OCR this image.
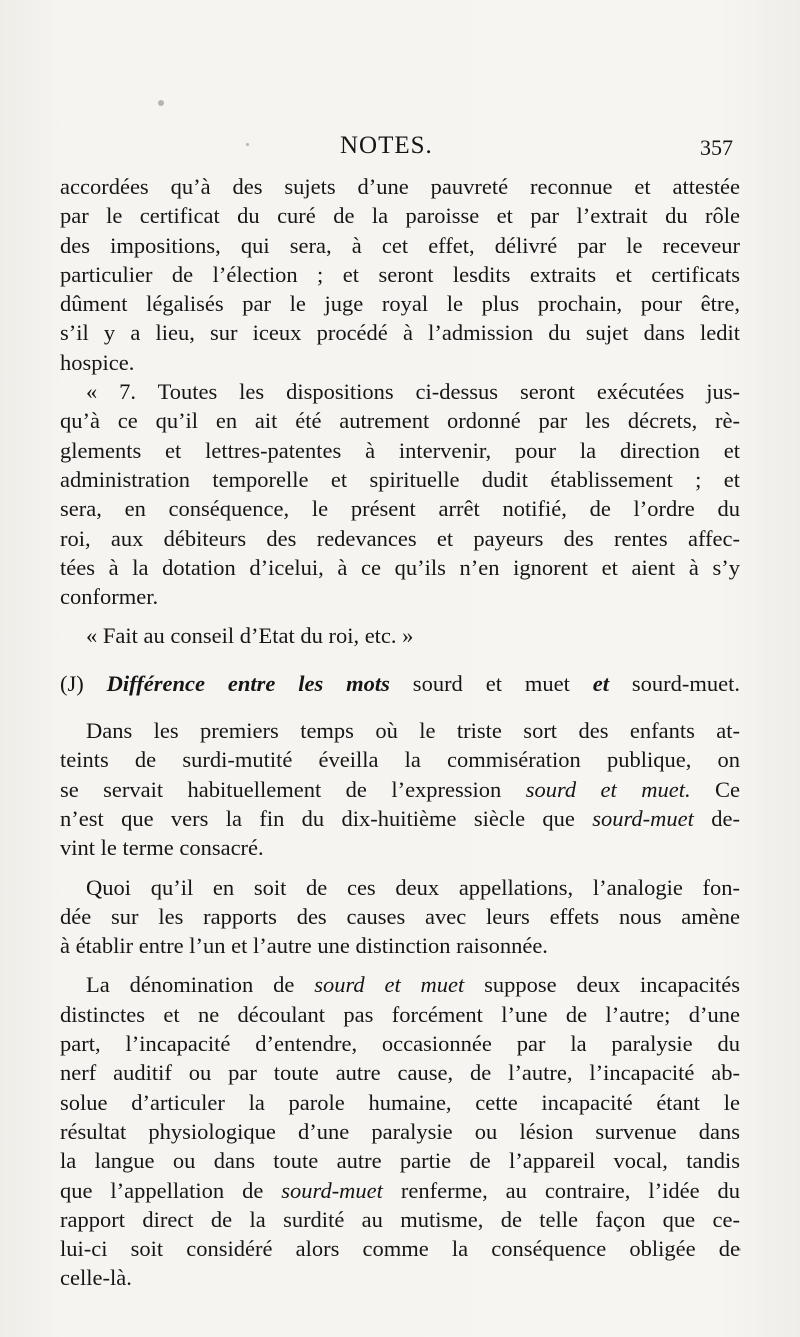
NOTES.	357
accordées qu’à des sujets d’une pauvreté reconnue et attestée
par le certificat du curé de la paroisse et par l’extrait du rôle
des impositions, qui sera, à cet effet, délivré par le receveur
particulier de l’élection ; et seront lesdits extraits et certificats
dûment légalisés par le juge royal le plus prochain, pour être,
s’il y a lieu, sur iceux procédé à l’admission du sujet dans ledit
hospice.
« 7. Toutes les dispositions ci-dessus seront exécutées jus-
qu’à ce qu’il en ait été autrement ordonné par les décrets, rè-
glements et lettres-patentes à intervenir, pour la direction et
administration temporelle et spirituelle dudit établissement ; et
sera, en conséquence, le présent arrêt notifié, de l’ordre du
roi, aux débiteurs des redevances et payeurs des rentes affec-
tées à la dotation d’icelui, à ce qu’ils n’en ignorent et aient à s’y
conformer.
« Fait au conseil d’Etat du roi, etc. »
(J) Différence entre les mots sourd et muet et sourd-muet.
Dans les premiers temps où le triste sort des enfants at-
teints de surdi-mutité éveilla la commisération publique, on
se servait habituellement de l’expression sourd et muet. Ce
n’est que vers la fin du dix-huitième siècle que sourd-muet de-
vint le terme consacré.
Quoi qu’il en soit de ces deux appellations, l’analogie fon-
dée sur les rapports des causes avec leurs effets nous amène
à établir entre l’un et l’autre une distinction raisonnée.
La dénomination de sourd et muet suppose deux incapacités
distinctes et ne découlant pas forcément l’une de l’autre; d’une
part, l’incapacité d’entendre, occasionnée par la paralysie du
nerf auditif ou par toute autre cause, de l’autre, l’incapacité ab-
solue d’articuler la parole humaine, cette incapacité étant le
résultat physiologique d’une paralysie ou lésion survenue dans
la langue ou dans toute autre partie de l’appareil vocal, tandis
que l’appellation de sourd-muet renferme, au contraire, l’idée du
rapport direct de la surdité au mutisme, de telle façon que ce-
lui-ci soit considéré alors comme la conséquence obligée de
celle-là.
